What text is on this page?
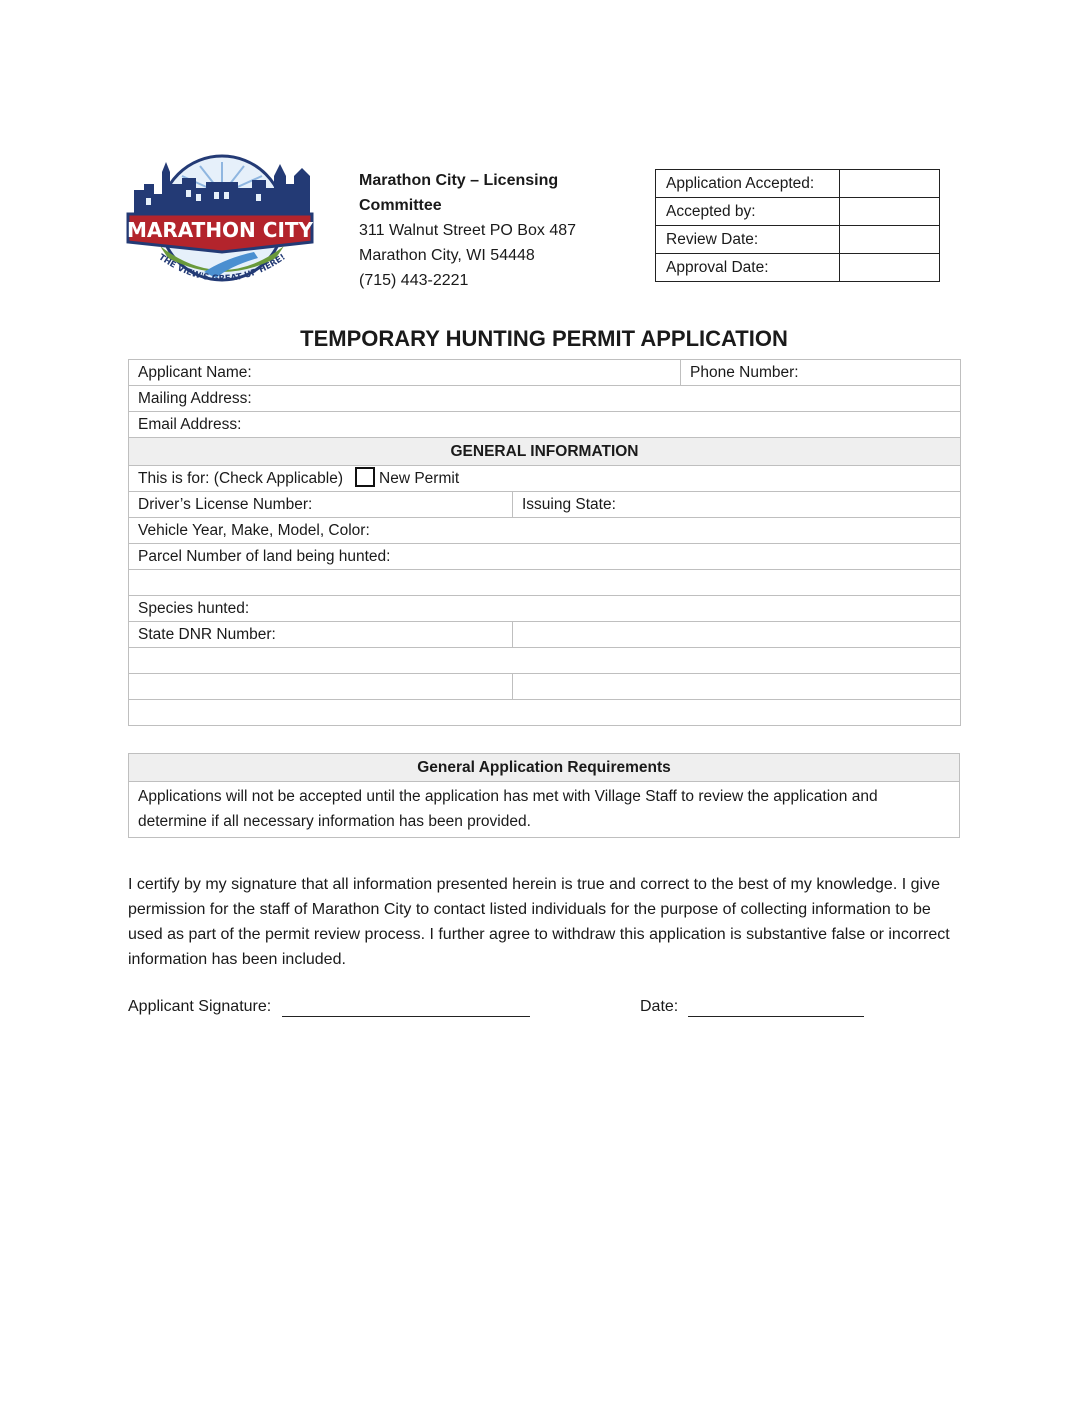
MARATHON CITY
THE VIEW'S GREAT UP HERE!
Marathon City – Licensing
Committee
311 Walnut Street PO Box 487
Marathon City, WI 54448
(715) 443-2221
Application Accepted:	
Accepted by:	
Review Date:	
Approval Date:	
TEMPORARY HUNTING PERMIT APPLICATION
Applicant Name:		Phone Number:
Mailing Address:		
Email Address:		
GENERAL INFORMATION		
This is for: (Check Applicable) New Permit		
Driver’s License Number:	Issuing State:	
Vehicle Year, Make, Model, Color:		
Parcel Number of land being hunted:		

Species hunted:		
State DNR Number:		

General Application Requirements
Applications will not be accepted until the application has met with Village Staff to review the application and determine if all necessary information has been provided.
I certify by my signature that all information presented herein is true and correct to the best of my knowledge. I give permission for the staff of Marathon City to contact listed individuals for the purpose of collecting information to be used as part of the permit review process. I further agree to withdraw this application is substantive false or incorrect information has been included.
Applicant Signature:	Date:
